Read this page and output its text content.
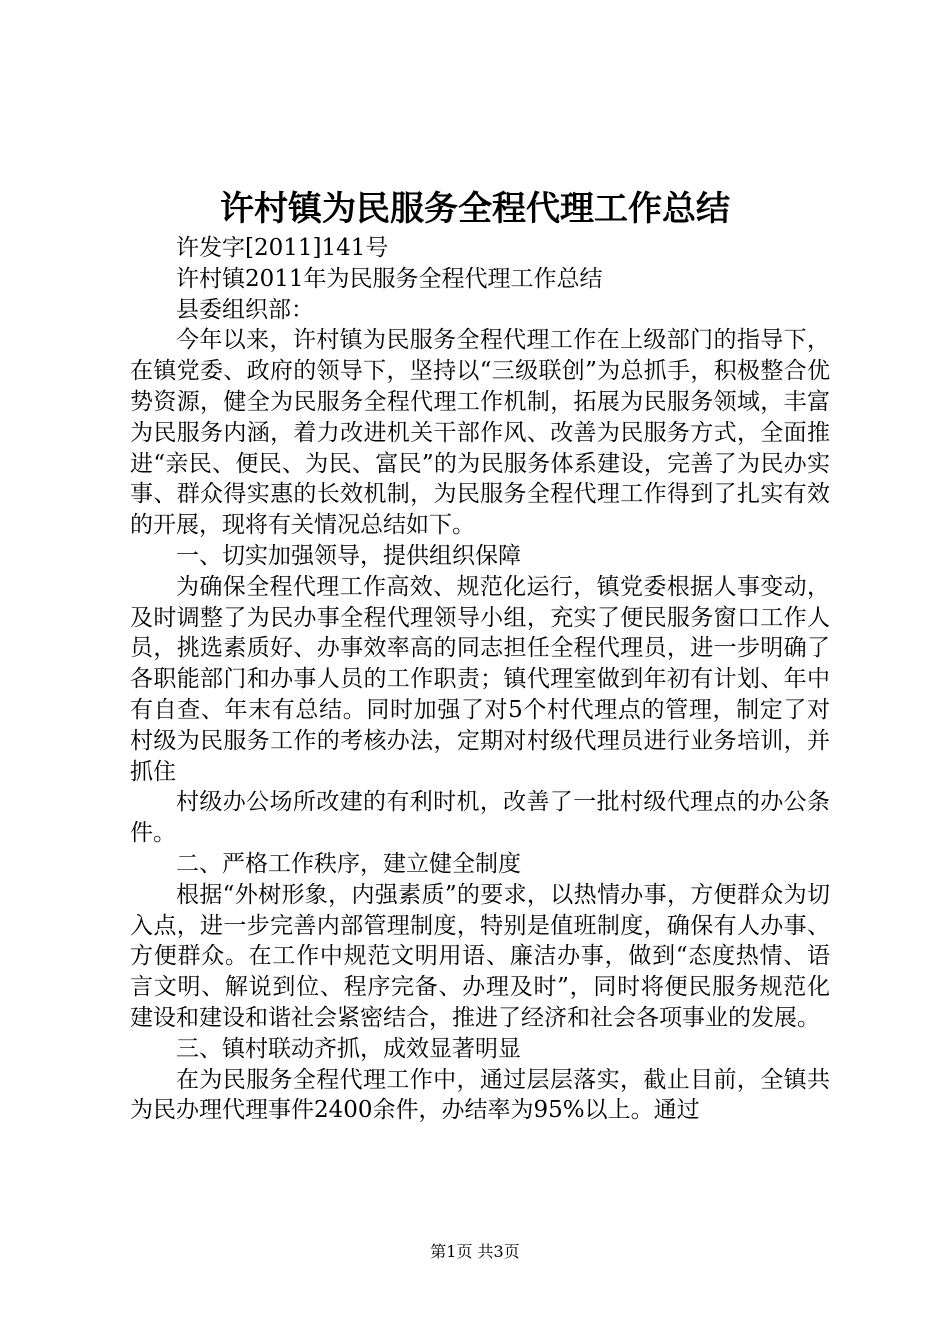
许村镇为民服务全程代理工作总结

许发字[2011]141号

许村镇2011年为民服务全程代理工作总结

县委组织部：

今年以来，许村镇为民服务全程代理工作在上级部门的指导下，在镇党委、政府的领导下，坚持以“三级联创”为总抓手，积极整合优势资源，健全为民服务全程代理工作机制，拓展为民服务领域，丰富为民服务内涵，着力改进机关干部作风、改善为民服务方式，全面推进“亲民、便民、为民、富民”的为民服务体系建设，完善了为民办实事、群众得实惠的长效机制，为民服务全程代理工作得到了扎实有效的开展，现将有关情况总结如下。

一、切实加强领导，提供组织保障

为确保全程代理工作高效、规范化运行，镇党委根据人事变动，及时调整了为民办事全程代理领导小组，充实了便民服务窗口工作人员，挑选素质好、办事效率高的同志担任全程代理员，进一步明确了各职能部门和办事人员的工作职责；镇代理室做到年初有计划、年中有自查、年末有总结。同时加强了对5个村代理点的管理，制定了对村级为民服务工作的考核办法，定期对村级代理员进行业务培训，并抓住

村级办公场所改建的有利时机，改善了一批村级代理点的办公条件。

二、严格工作秩序，建立健全制度

根据“外树形象，内强素质”的要求，以热情办事，方便群众为切入点，进一步完善内部管理制度，特别是值班制度，确保有人办事、方便群众。在工作中规范文明用语、廉洁办事，做到“态度热情、语言文明、解说到位、程序完备、办理及时”，同时将便民服务规范化建设和建设和谐社会紧密结合，推进了经济和社会各项事业的发展。

三、镇村联动齐抓，成效显著明显

在为民服务全程代理工作中，通过层层落实，截止目前，全镇共为民办理代理事件2400余件，办结率为95%以上。通过

第1页 共3页
